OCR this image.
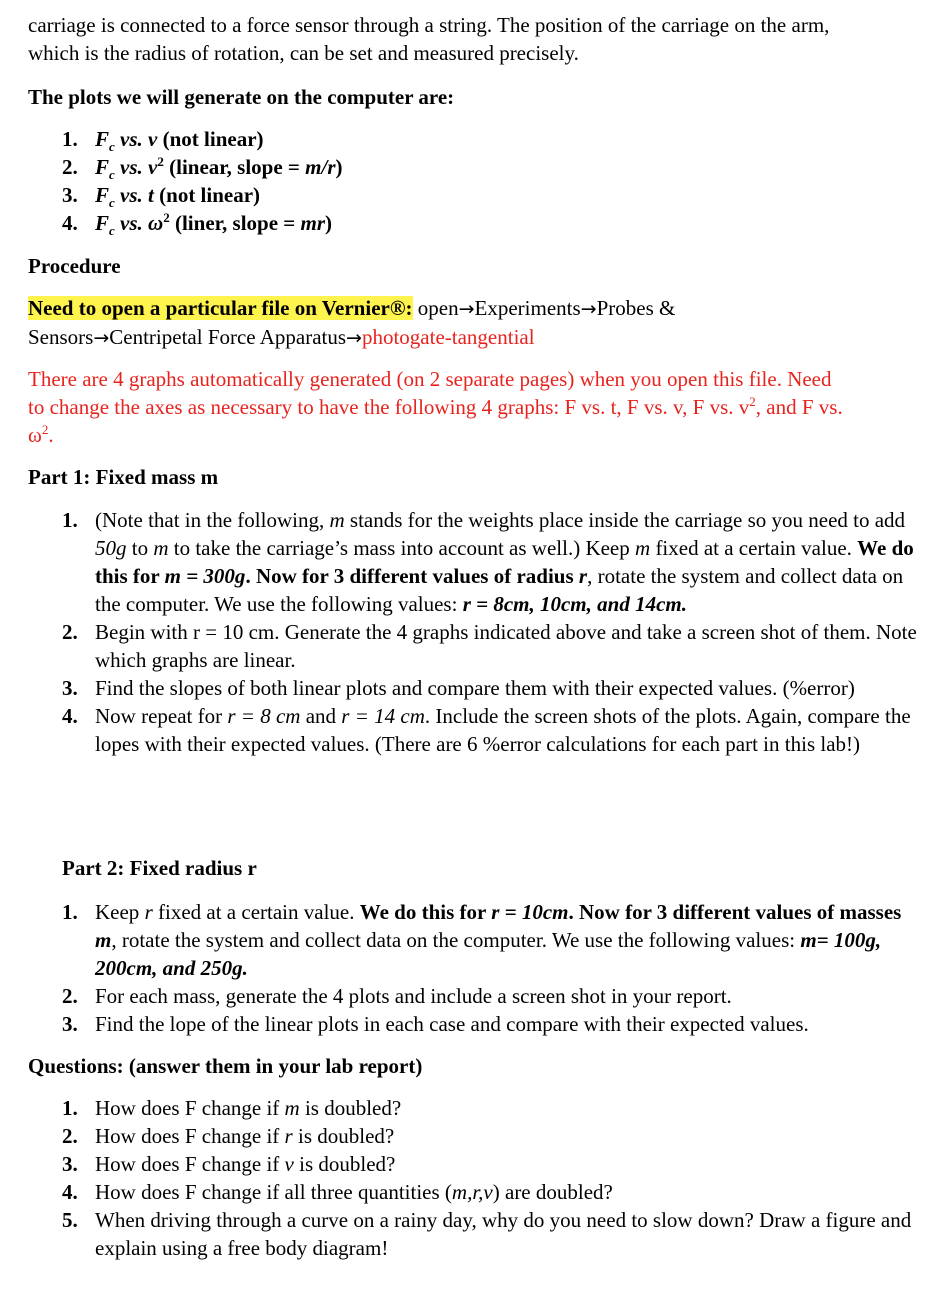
carriage is connected to a force sensor through a string. The position of the carriage on the arm,
which is the radius of rotation, can be set and measured precisely.

The plots we will generate on the computer are:

1. $F_c$ vs. v (not linear)
2. $F_c$ vs. $v^2$ (linear, slope = m/r)
3. $F_c$ vs. t (not linear)
4. $F_c$ vs. $\omega^2$ (liner, slope = mr)

Procedure

Need to open a particular file on Vernier®: open→Experiments→Probes &
Sensors→Centripetal Force Apparatus→photogate-tangential

There are 4 graphs automatically generated (on 2 separate pages) when you open this file. Need
to change the axes as necessary to have the following 4 graphs: F vs. t, F vs. v, F vs. $v^2$, and F vs.
$\omega^2$.

Part 1: Fixed mass m

1. (Note that in the following, m stands for the weights place inside the carriage so you need to add 50g to m to take the carriage’s mass into account as well.) Keep m fixed at a certain value. We do this for m = 300g. Now for 3 different values of radius r, rotate the system and collect data on the computer. We use the following values: r = 8cm, 10cm, and 14cm.
2. Begin with r = 10 cm. Generate the 4 graphs indicated above and take a screen shot of them. Note which graphs are linear.
3. Find the slopes of both linear plots and compare them with their expected values. (%error)
4. Now repeat for r = 8 cm and r = 14 cm. Include the screen shots of the plots. Again, compare the lopes with their expected values. (There are 6 %error calculations for each part in this lab!)

Part 2: Fixed radius r

1. Keep r fixed at a certain value. We do this for r = 10cm. Now for 3 different values of masses m, rotate the system and collect data on the computer. We use the following values: m= 100g, 200cm, and 250g.
2. For each mass, generate the 4 plots and include a screen shot in your report.
3. Find the lope of the linear plots in each case and compare with their expected values.

Questions: (answer them in your lab report)

1. How does F change if m is doubled?
2. How does F change if r is doubled?
3. How does F change if v is doubled?
4. How does F change if all three quantities (m,r,v) are doubled?
5. When driving through a curve on a rainy day, why do you need to slow down? Draw a figure and explain using a free body diagram!
